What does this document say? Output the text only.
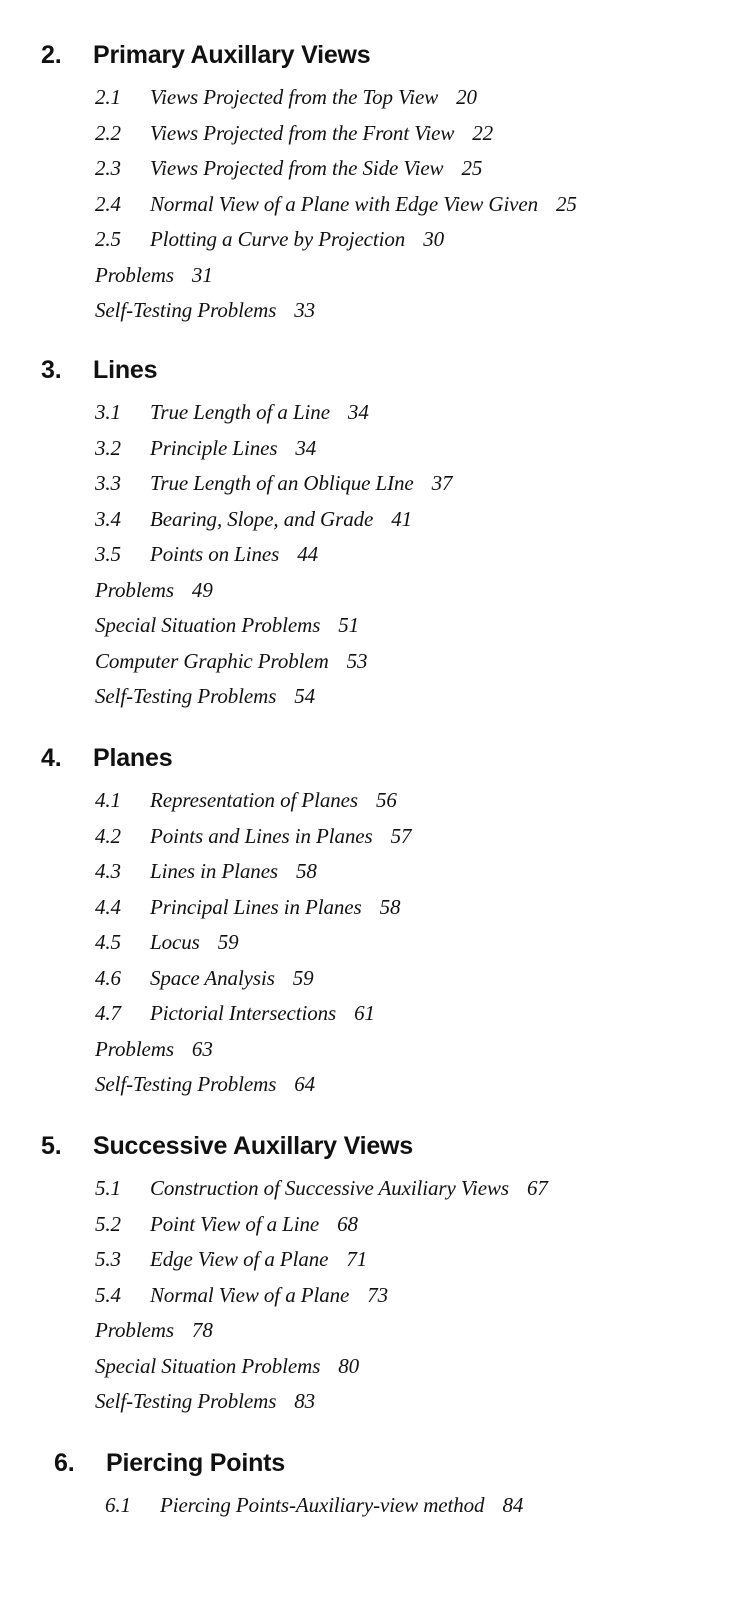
2. Primary Auxillary Views
2.1 Views Projected from the Top View 20
2.2 Views Projected from the Front View 22
2.3 Views Projected from the Side View 25
2.4 Normal View of a Plane with Edge View Given 25
2.5 Plotting a Curve by Projection 30
Problems 31
Self-Testing Problems 33
3. Lines
3.1 True Length of a Line 34
3.2 Principle Lines 34
3.3 True Length of an Oblique LIne 37
3.4 Bearing, Slope, and Grade 41
3.5 Points on Lines 44
Problems 49
Special Situation Problems 51
Computer Graphic Problem 53
Self-Testing Problems 54
4. Planes
4.1 Representation of Planes 56
4.2 Points and Lines in Planes 57
4.3 Lines in Planes 58
4.4 Principal Lines in Planes 58
4.5 Locus 59
4.6 Space Analysis 59
4.7 Pictorial Intersections 61
Problems 63
Self-Testing Problems 64
5. Successive Auxillary Views
5.1 Construction of Successive Auxiliary Views 67
5.2 Point View of a Line 68
5.3 Edge View of a Plane 71
5.4 Normal View of a Plane 73
Problems 78
Special Situation Problems 80
Self-Testing Problems 83
6. Piercing Points
6.1 Piercing Points-Auxiliary-view method 84
